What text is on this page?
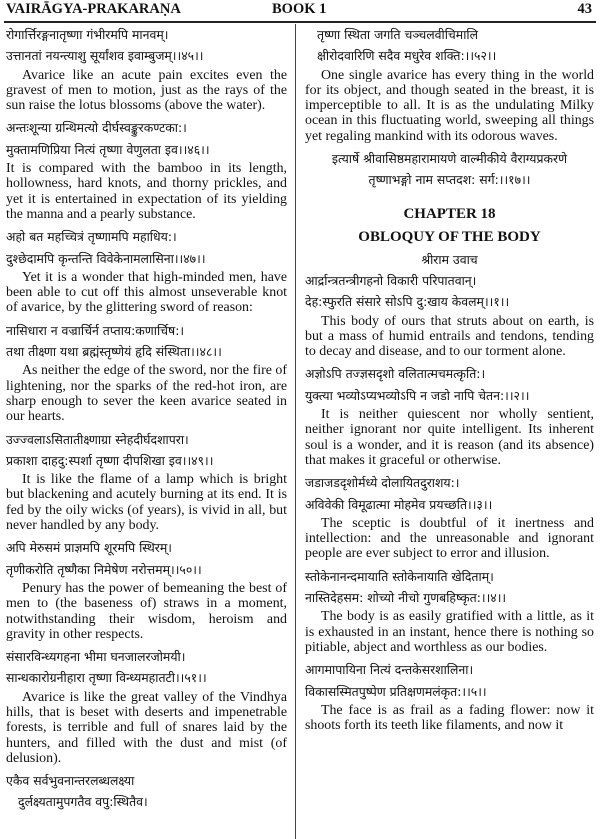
VAIRĀGYA-PRAKARAṆA	BOOK 1	43

रोगार्त्तिरङ्गनातृष्णा गंभीरमपि मानवम्।

उत्तानतां नयन्त्याशु सूर्यांशव इवाम्बुजम्।।४५।।

Avarice like an acute pain excites even the gravest of men to motion, just as the rays of the sun raise the lotus blossoms (above the water).

अन्तःशून्या ग्रन्थिमत्यो दीर्घस्वङ्कुरकण्टका:।

मुक्तामणिप्रिया नित्यं तृष्णा वेणुलता इव।।४६।।

It is compared with the bamboo in its length, hollowness, hard knots, and thorny prickles, and yet it is entertained in expectation of its yielding the manna and a pearly substance.

अहो बत महच्चित्रं तृष्णामपि महाधिय:।

दुश्छेदामपि कृन्तन्ति विवेकेनामलासिना।।४७।।

Yet it is a wonder that high-minded men, have been able to cut off this almost unseverable knot of avarice, by the glittering sword of reason:

नासिधारा न वज्रार्चिर्न तप्ताय:कणार्चिष:।

तथा तीक्ष्णा यथा ब्रह्मंस्तृष्णेयं हृदि संस्थिता।।४८।।

As neither the edge of the sword, nor the fire of lightening, nor the sparks of the red-hot iron, are sharp enough to sever the keen avarice seated in our hearts.

उज्ज्वलाऽसितातीक्ष्णाग्रा स्नेहदीर्घदशापरा।

प्रकाशा दाहदु:स्पर्शा तृष्णा दीपशिखा इव।।४९।।

It is like the flame of a lamp which is bright but blackening and acutely burning at its end. It is fed by the oily wicks (of years), is vivid in all, but never handled by any body.

अपि मेरुसमं प्राज्ञमपि शूरमपि स्थिरम्।

तृणीकरोति तृष्णैका निमेषेण नरोत्तमम्।।५०।।

Penury has the power of bemeaning the best of men to (the baseness of) straws in a moment, notwithstanding their wisdom, heroism and gravity in other respects.

संसारविन्ध्यगहना भीमा घनजालरजोमयी।

सान्धकारोग्रनीहारा तृष्णा विन्ध्यमहातटी।।५१।।

Avarice is like the great valley of the Vindhya hills, that is beset with deserts and impenetrable forests, is terrible and full of snares laid by the hunters, and filled with the dust and mist (of delusion).

एकैव सर्वभुवनान्तरलब्धलक्ष्या

दुर्लक्ष्यतामुपगतैव वपु:स्थितैव।

तृष्णा स्थिता जगति चञ्चलवीचिमालि

क्षीरोदवारिणि सदैव मधुरेव शक्ति:।।५२।।

One single avarice has every thing in the world for its object, and though seated in the breast, it is imperceptible to all. It is as the undulating Milky ocean in this fluctuating world, sweeping all things yet regaling mankind with its odorous waves.

इत्यार्षे श्रीवासिष्ठमहारामायणे वाल्मीकीये वैराग्यप्रकरणे

तृष्णाभङ्गो नाम सप्तदश: सर्ग:।।१७।।

CHAPTER 18
OBLOQUY OF THE BODY
श्रीराम उवाच

आर्द्रान्त्रतन्त्रीगहनो विकारी परिपातवान्।

देह:स्फुरति संसारे सोऽपि दु:खाय केवलम्।।१।।

This body of ours that struts about on earth, is but a mass of humid entrails and tendons, tending to decay and disease, and to our torment alone.

अज्ञोऽपि तज्ज्ञसदृशो वलितात्मचमत्कृति:।

युक्त्या भव्योऽप्यभव्योऽपि न जडो नापि चेतन:।।२।।

It is neither quiescent nor wholly sentient, neither ignorant nor quite intelligent. Its inherent soul is a wonder, and it is reason (and its absence) that makes it graceful or otherwise.

जडाजडदृशोर्मध्ये दोलायितदुराशय:।

अविवेकी विमूढात्मा मोहमेव प्रयच्छति।।३।।

The sceptic is doubtful of it inertness and intellection: and the unreasonable and ignorant people are ever subject to error and illusion.

स्तोकेनानन्दमायाति स्तोकेनायाति खेदिताम्।

नास्तिदेहसम: शोच्यो नीचो गुणबहिष्कृत:।।४।।

The body is as easily gratified with a little, as it is exhausted in an instant, hence there is nothing so pitiable, abject and worthless as our bodies.

आगमापायिना नित्यं दन्तकेसरशालिना।

विकासस्मितपुष्पेण प्रतिक्षणमलंकृत:।।५।।

The face is as frail as a fading flower: now it shoots forth its teeth like filaments, and now it
